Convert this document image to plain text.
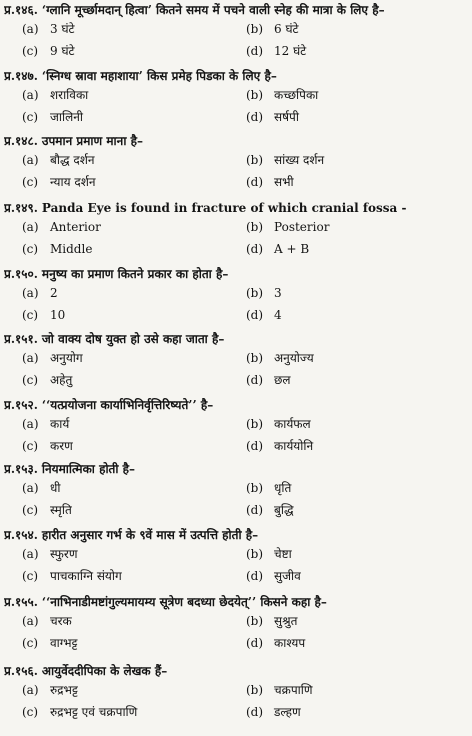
प्र.१४६. ‘ग्लानि मूर्च्छामदान् हित्वा’ कितने समय में पचने वाली स्नेह की मात्रा के लिए है–
(a) 3 घंटे	(b) 6 घंटे
(c) 9 घंटे	(d) 12 घंटे
प्र.१४७. ‘स्निग्ध स्रावा महाशाया’ किस प्रमेह पिडका के लिए है–
(a) शराविका	(b) कच्छपिका
(c) जालिनी	(d) सर्षपी
प्र.१४८. उपमान प्रमाण माना है–
(a) बौद्ध दर्शन	(b) सांख्य दर्शन
(c) न्याय दर्शन	(d) सभी
प्र.१४९. Panda Eye is found in fracture of which cranial fossa -
(a) Anterior	(b) Posterior
(c) Middle	(d) A + B
प्र.१५०. मनुष्य का प्रमाण कितने प्रकार का होता है–
(a) 2	(b) 3
(c) 10	(d) 4
प्र.१५१. जो वाक्य दोष युक्त हो उसे कहा जाता है–
(a) अनुयोग	(b) अनुयोज्य
(c) अहेतु	(d) छल
प्र.१५२. ‘‘यत्प्रयोजना कार्याभिनिर्वृत्तिरिष्यते’’ है–
(a) कार्य	(b) कार्यफल
(c) करण	(d) कार्ययोनि
प्र.१५३. नियमात्मिका होती है–
(a) धी	(b) धृति
(c) स्मृति	(d) बुद्धि
प्र.१५४. हारीत अनुसार गर्भ के ९वें मास में उत्पत्ति होती है–
(a) स्फुरण	(b) चेष्टा
(c) पाचकाग्नि संयोग	(d) सुजीव
प्र.१५५. ‘‘नाभिनाडीमष्टांगुल्यमायम्य सूत्रेण बदध्या छेदयेत्’’ किसने कहा है–
(a) चरक	(b) सुश्रुत
(c) वाग्भट्ट	(d) काश्यप
प्र.१५६. आयुर्वेददीपिका के लेखक हैं–
(a) रुद्रभट्ट	(b) चक्रपाणि
(c) रुद्रभट्ट एवं चक्रपाणि	(d) डल्हण
